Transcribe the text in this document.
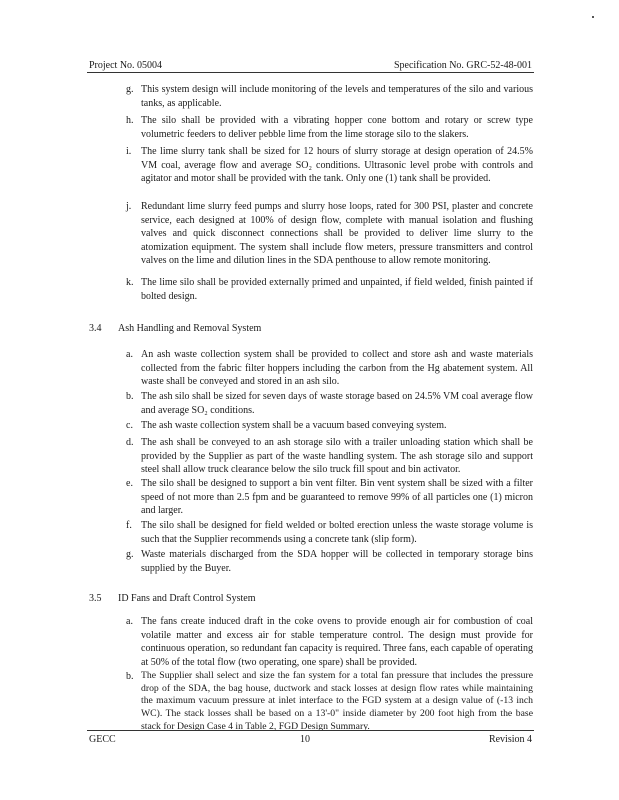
Project No. 05004	Specification No. GRC-52-48-001
g. This system design will include monitoring of the levels and temperatures of the silo and various tanks, as applicable.
h. The silo shall be provided with a vibrating hopper cone bottom and rotary or screw type volumetric feeders to deliver pebble lime from the lime storage silo to the slakers.
i. The lime slurry tank shall be sized for 12 hours of slurry storage at design operation of 24.5% VM coal, average flow and average SO₂ conditions. Ultrasonic level probe with controls and agitator and motor shall be provided with the tank. Only one (1) tank shall be provided.
j. Redundant lime slurry feed pumps and slurry hose loops, rated for 300 PSI, plaster and concrete service, each designed at 100% of design flow, complete with manual isolation and flushing valves and quick disconnect connections shall be provided to deliver lime slurry to the atomization equipment. The system shall include flow meters, pressure transmitters and control valves on the lime and dilution lines in the SDA penthouse to allow remote monitoring.
k. The lime silo shall be provided externally primed and unpainted, if field welded, finish painted if bolted design.
3.4 Ash Handling and Removal System
a. An ash waste collection system shall be provided to collect and store ash and waste materials collected from the fabric filter hoppers including the carbon from the Hg abatement system. All waste shall be conveyed and stored in an ash silo.
b. The ash silo shall be sized for seven days of waste storage based on 24.5% VM coal average flow and average SO₂ conditions.
c. The ash waste collection system shall be a vacuum based conveying system.
d. The ash shall be conveyed to an ash storage silo with a trailer unloading station which shall be provided by the Supplier as part of the waste handling system. The ash storage silo and support steel shall allow truck clearance below the silo truck fill spout and bin activator.
e. The silo shall be designed to support a bin vent filter. Bin vent system shall be sized with a filter speed of not more than 2.5 fpm and be guaranteed to remove 99% of all particles one (1) micron and larger.
f. The silo shall be designed for field welded or bolted erection unless the waste storage volume is such that the Supplier recommends using a concrete tank (slip form).
g. Waste materials discharged from the SDA hopper will be collected in temporary storage bins supplied by the Buyer.
3.5 ID Fans and Draft Control System
a. The fans create induced draft in the coke ovens to provide enough air for combustion of coal volatile matter and excess air for stable temperature control. The design must provide for continuous operation, so redundant fan capacity is required. Three fans, each capable of operating at 50% of the total flow (two operating, one spare) shall be provided.
b. The Supplier shall select and size the fan system for a total fan pressure that includes the pressure drop of the SDA, the bag house, ductwork and stack losses at design flow rates while maintaining the maximum vacuum pressure at inlet interface to the FGD system at a design value of (-13 inch WC). The stack losses shall be based on a 13'-0" inside diameter by 200 foot high from the base stack for Design Case 4 in Table 2, FGD Design Summary.
GECC	10	Revision 4
